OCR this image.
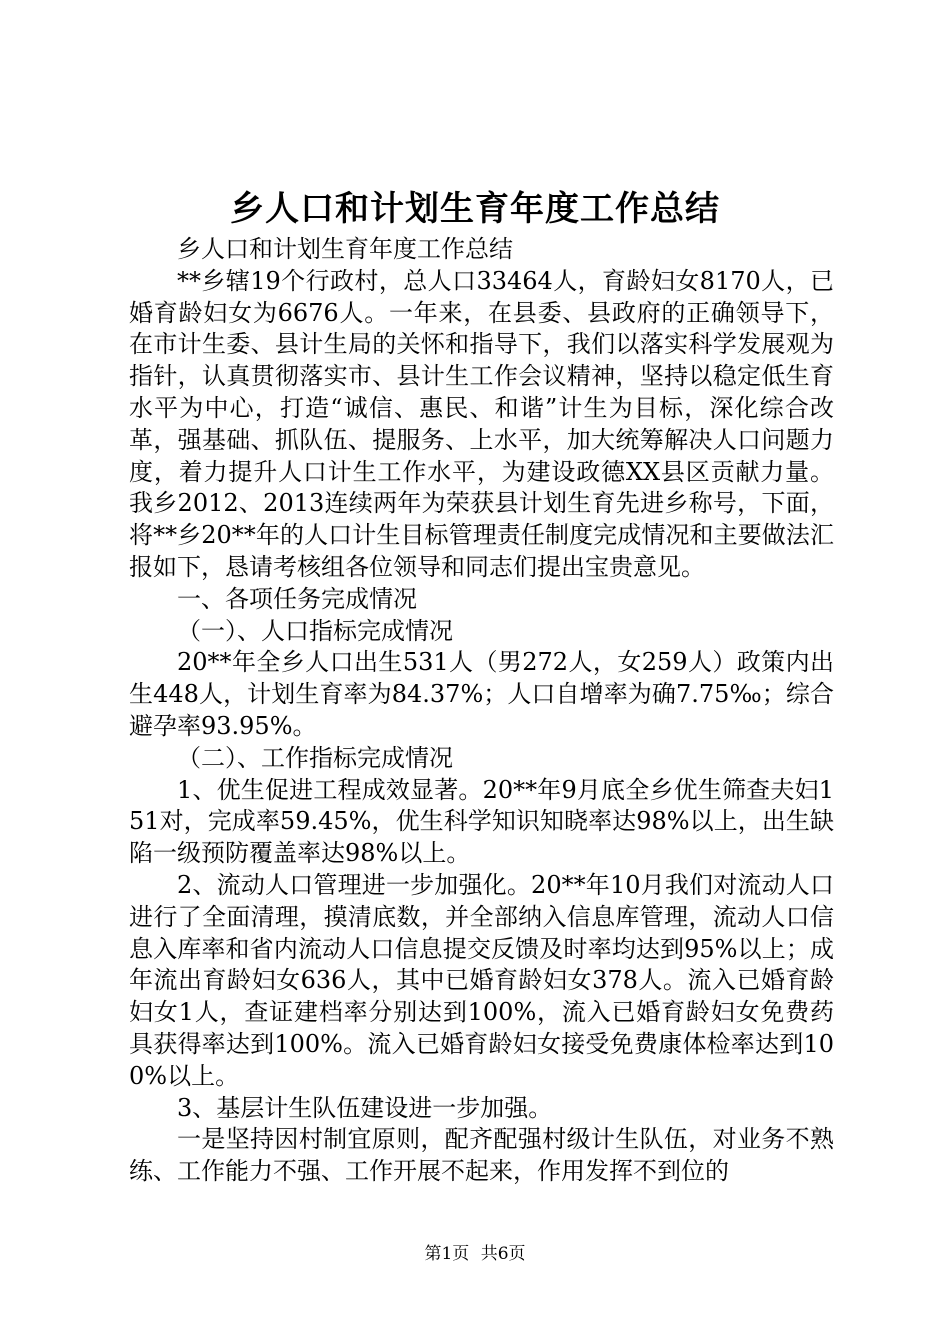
乡人口和计划生育年度工作总结

乡人口和计划生育年度工作总结

**乡辖19个行政村，总人口33464人，育龄妇女8170人，已婚育龄妇女为6676人。一年来，在县委、县政府的正确领导下，在市计生委、县计生局的关怀和指导下，我们以落实科学发展观为指针，认真贯彻落实市、县计生工作会议精神，坚持以稳定低生育水平为中心，打造“诚信、惠民、和谐”计生为目标，深化综合改革，强基础、抓队伍、提服务、上水平，加大统筹解决人口问题力度，着力提升人口计生工作水平，为建设政德XX县区贡献力量。我乡2012、2013连续两年为荣获县计划生育先进乡称号，下面，将**乡20**年的人口计生目标管理责任制度完成情况和主要做法汇报如下，恳请考核组各位领导和同志们提出宝贵意见。

一、各项任务完成情况

（一）、人口指标完成情况

20**年全乡人口出生531人（男272人，女259人）政策内出生448人，计划生育率为84.37%；人口自增率为确7.75‰；综合避孕率93.95%。

（二）、工作指标完成情况

1、优生促进工程成效显著。20**年9月底全乡优生筛查夫妇151对，完成率59.45%，优生科学知识知晓率达98%以上，出生缺陷一级预防覆盖率达98%以上。

2、流动人口管理进一步加强化。20**年10月我们对流动人口进行了全面清理，摸清底数，并全部纳入信息库管理，流动人口信息入库率和省内流动人口信息提交反馈及时率均达到95%以上；成年流出育龄妇女636人，其中已婚育龄妇女378人。流入已婚育龄妇女1人，查证建档率分别达到100%，流入已婚育龄妇女免费药具获得率达到100%。流入已婚育龄妇女接受免费康体检率达到100%以上。

3、基层计生队伍建设进一步加强。

一是坚持因村制宜原则，配齐配强村级计生队伍，对业务不熟练、工作能力不强、工作开展不起来，作用发挥不到位的

第1页 共6页
